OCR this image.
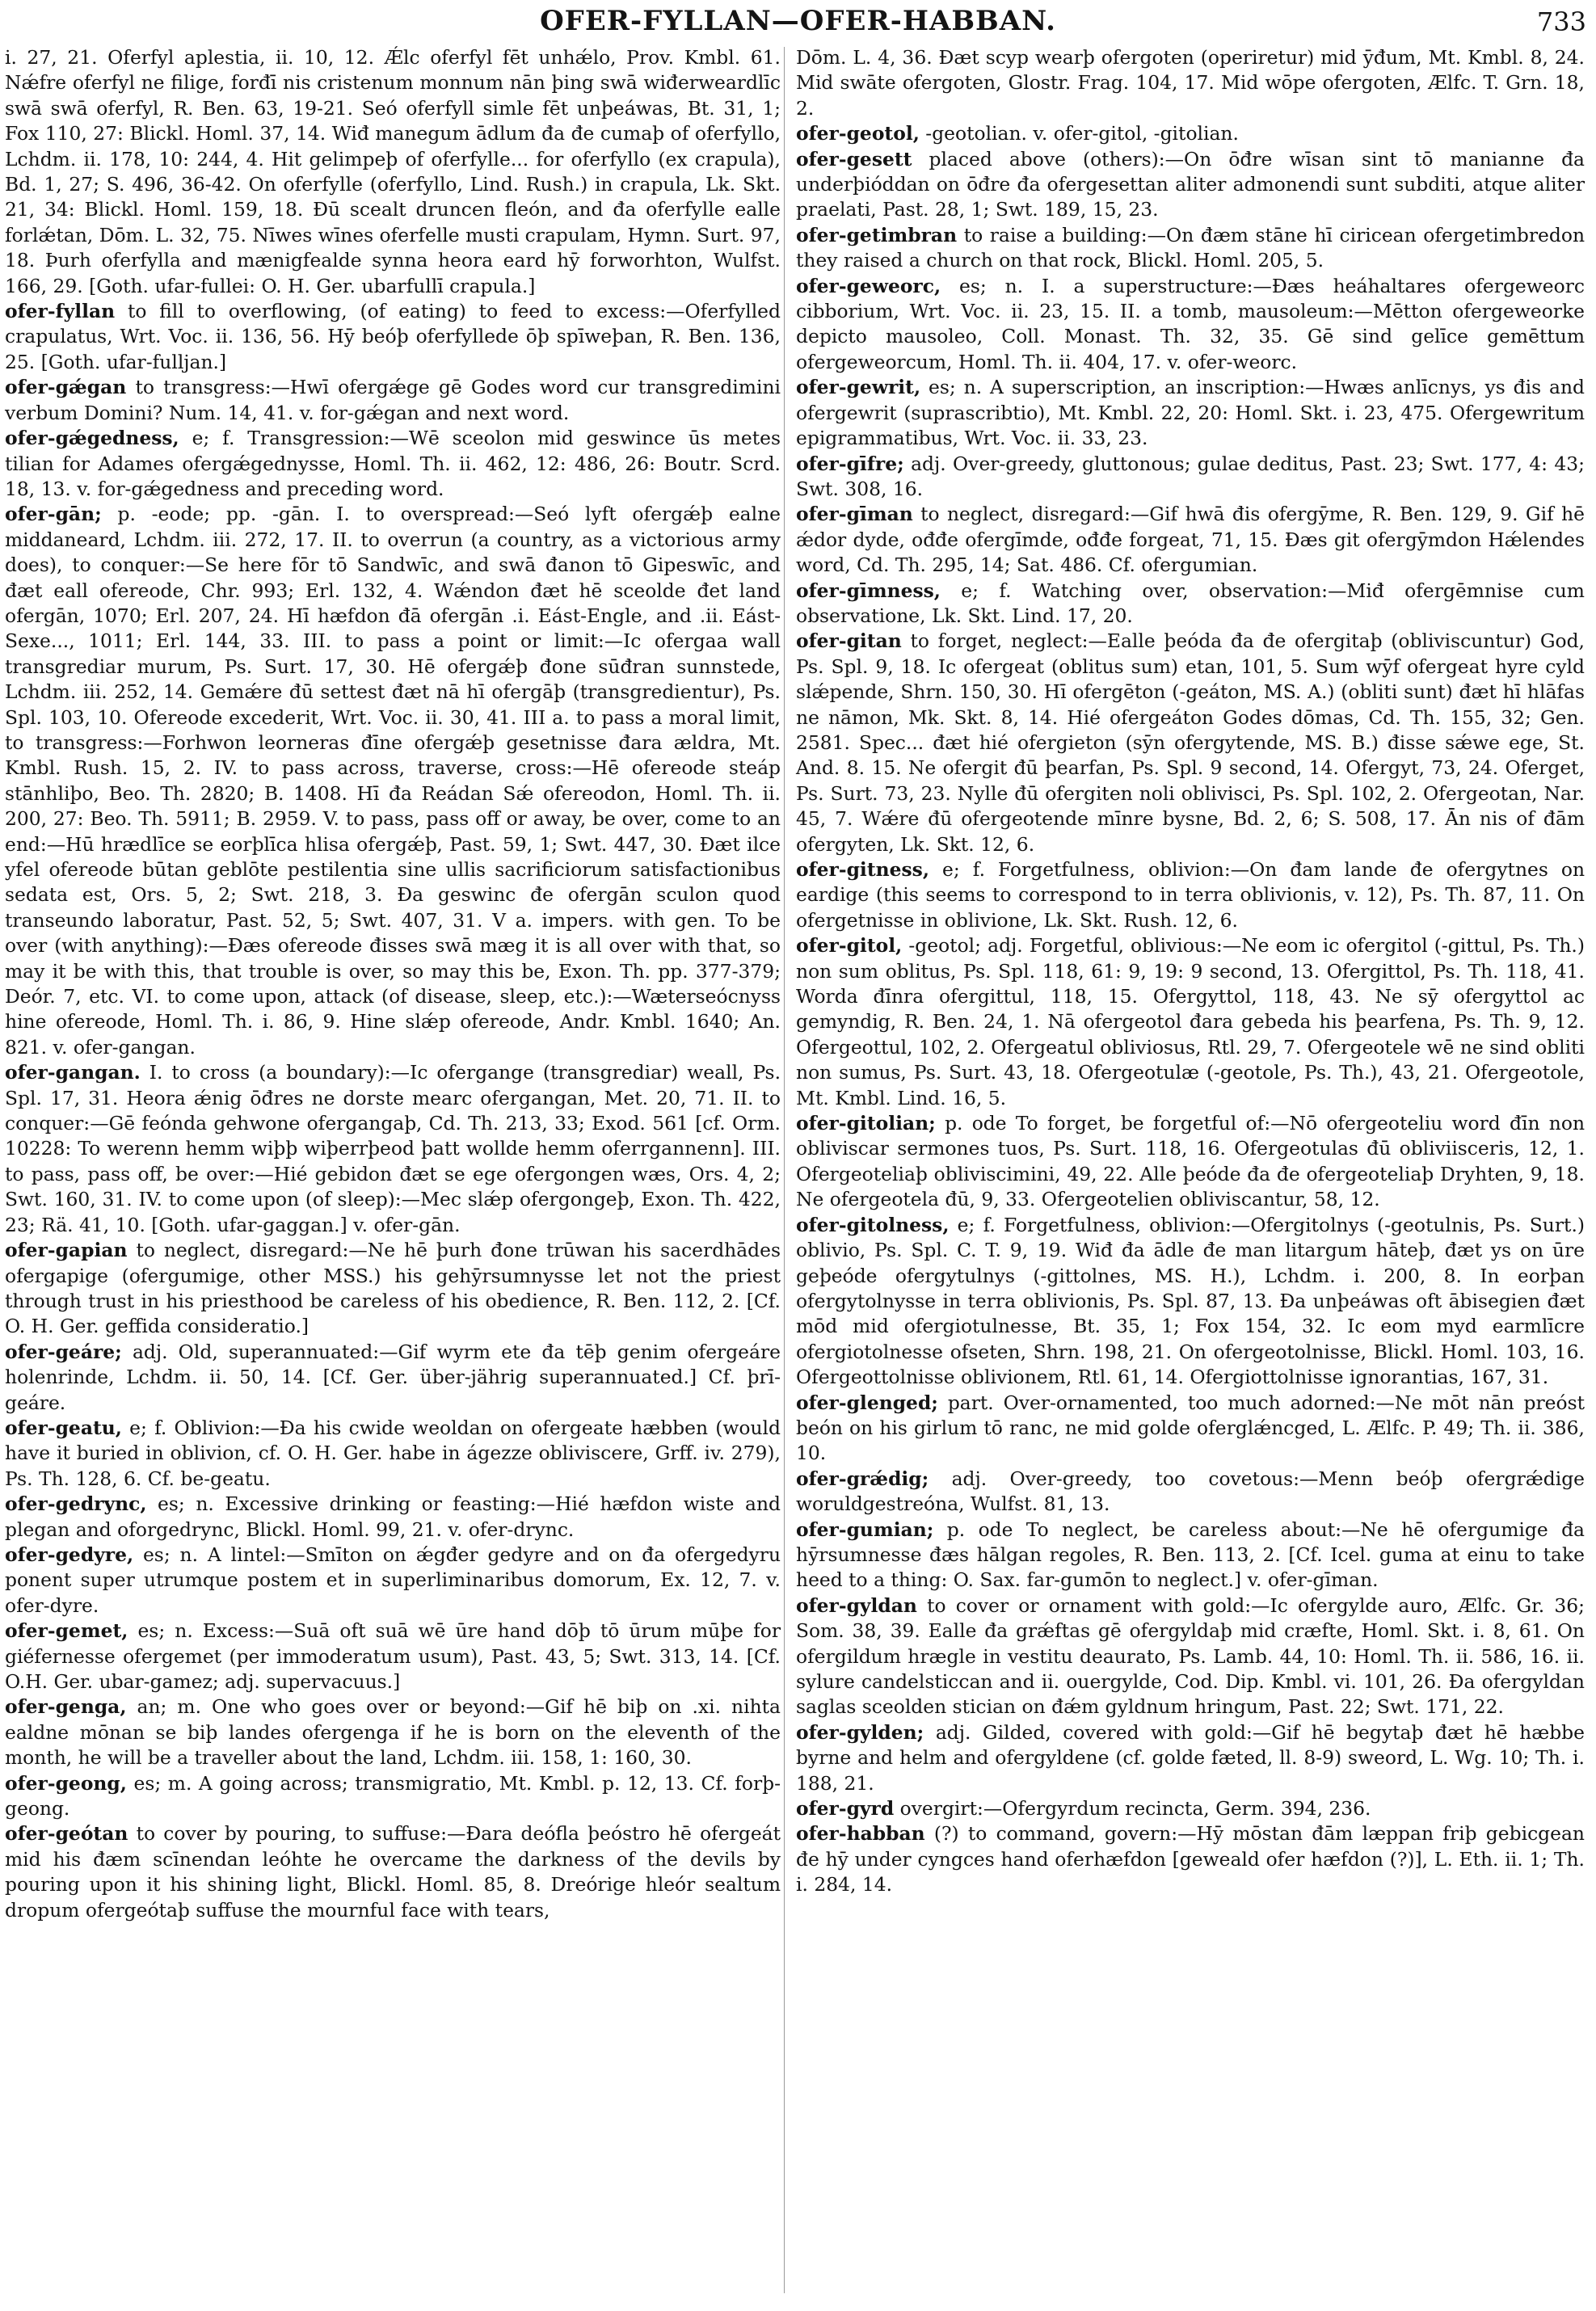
OFER-FYLLAN—OFER-HABBAN.	733

i. 27, 21. Oferfyl aplestia, ii. 10, 12. Ǽlc oferfyl fēt unhǽlo, Prov. Kmbl. 61. Nǽfre oferfyl ne filige, forđī nis cristenum monnum nān þing swā wiđerweardlīc swā swā oferfyl, R. Ben. 63, 19-21. Seó oferfyll simle fēt unþeáwas, Bt. 31, 1; Fox 110, 27: Blickl. Homl. 37, 14. Wiđ manegum ādlum đa đe cumaþ of oferfyllo, Lchdm. ii. 178, 10: 244, 4. Hit gelimpeþ of oferfylle... for oferfyllo (ex crapula), Bd. 1, 27; S. 496, 36-42. On oferfylle (oferfyllo, Lind. Rush.) in crapula, Lk. Skt. 21, 34: Blickl. Homl. 159, 18. Đū scealt druncen fleón, and đa oferfylle ealle forlǽtan, Dōm. L. 32, 75. Nīwes wīnes oferfelle musti crapulam, Hymn. Surt. 97, 18. Þurh oferfylla and mænigfealde synna heora eard hȳ forworhton, Wulfst. 166, 29. [Goth. ufar-fullei: O. H. Ger. ubarfullī crapula.]

ofer-fyllan to fill to overflowing, (of eating) to feed to excess:—Oferfylled crapulatus, Wrt. Voc. ii. 136, 56. Hȳ beóþ oferfyllede ōþ spīweþan, R. Ben. 136, 25. [Goth. ufar-fulljan.]

ofer-gǽgan to transgress:—Hwī ofergǽge gē Godes word cur transgredimini verbum Domini? Num. 14, 41. v. for-gǽgan and next word.

ofer-gǽgedness, e; f. Transgression:—Wē sceolon mid geswince ūs metes tilian for Adames ofergǽgednysse, Homl. Th. ii. 462, 12: 486, 26: Boutr. Scrd. 18, 13. v. for-gǽgedness and preceding word.

ofer-gān; p. -eode; pp. -gān. I. to overspread:—Seó lyft ofergǽþ ealne middaneard, Lchdm. iii. 272, 17. II. to overrun (a country, as a victorious army does), to conquer:—Se here fōr tō Sandwīc, and swā đanon tō Gipeswīc, and đæt eall ofereode, Chr. 993; Erl. 132, 4. Wǽndon đæt hē sceolde đet land ofergān, 1070; Erl. 207, 24. Hī hæfdon đā ofergān .i. Eást-Engle, and .ii. Eást-Sexe..., 1011; Erl. 144, 33. III. to pass a point or limit:—Ic ofergaa wall transgrediar murum, Ps. Surt. 17, 30. Hē ofergǽþ đone sūđran sunnstede, Lchdm. iii. 252, 14. Gemǽre đū settest đæt nā hī ofergāþ (transgredientur), Ps. Spl. 103, 10. Ofereode excederit, Wrt. Voc. ii. 30, 41. III a. to pass a moral limit, to transgress:—Forhwon leorneras đīne ofergǽþ gesetnisse đara ældra, Mt. Kmbl. Rush. 15, 2. IV. to pass across, traverse, cross:—Hē ofereode steáp stānhliþo, Beo. Th. 2820; B. 1408. Hī đa Reádan Sǽ ofereodon, Homl. Th. ii. 200, 27: Beo. Th. 5911; B. 2959. V. to pass, pass off or away, be over, come to an end:—Hū hrædlīce se eorþlīca hlisa ofergǽþ, Past. 59, 1; Swt. 447, 30. Đæt ilce yfel ofereode būtan geblōte pestilentia sine ullis sacrificiorum satisfactionibus sedata est, Ors. 5, 2; Swt. 218, 3. Đa geswinc đe ofergān sculon quod transeundo laboratur, Past. 52, 5; Swt. 407, 31. V a. impers. with gen. To be over (with anything):—Đæs ofereode đisses swā mæg it is all over with that, so may it be with this, that trouble is over, so may this be, Exon. Th. pp. 377-379; Deór. 7, etc. VI. to come upon, attack (of disease, sleep, etc.):—Wæterseócnyss hine ofereode, Homl. Th. i. 86, 9. Hine slǽp ofereode, Andr. Kmbl. 1640; An. 821. v. ofer-gangan.

ofer-gangan. I. to cross (a boundary):—Ic ofergange (transgrediar) weall, Ps. Spl. 17, 31. Heora ǽnig ōđres ne dorste mearc ofergangan, Met. 20, 71. II. to conquer:—Gē feónda gehwone ofergangaþ, Cd. Th. 213, 33; Exod. 561 [cf. Orm. 10228: To werenn hemm wiþþ wiþerrþeod þatt wollde hemm oferrgannenn]. III. to pass, pass off, be over:—Hié gebidon đæt se ege ofergongen wæs, Ors. 4, 2; Swt. 160, 31. IV. to come upon (of sleep):—Mec slǽp ofergongeþ, Exon. Th. 422, 23; Rä. 41, 10. [Goth. ufar-gaggan.] v. ofer-gān.

ofer-gapian to neglect, disregard:—Ne hē þurh đone trūwan his sacerdhādes ofergapige (ofergumige, other MSS.) his gehȳrsumnysse let not the priest through trust in his priesthood be careless of his obedience, R. Ben. 112, 2. [Cf. O. H. Ger. geffida consideratio.]

ofer-geáre; adj. Old, superannuated:—Gif wyrm ete đa tēþ genim ofergeáre holenrinde, Lchdm. ii. 50, 14. [Cf. Ger. über-jährig superannuated.] Cf. þrī-geáre.

ofer-geatu, e; f. Oblivion:—Đa his cwide weoldan on ofergeate hæbben (would have it buried in oblivion, cf. O. H. Ger. habe in ágezze obliviscere, Grff. iv. 279), Ps. Th. 128, 6. Cf. be-geatu.

ofer-gedrync, es; n. Excessive drinking or feasting:—Hié hæfdon wiste and plegan and oforgedrync, Blickl. Homl. 99, 21. v. ofer-drync.

ofer-gedyre, es; n. A lintel:—Smīton on ǽgđer gedyre and on đa ofergedyru ponent super utrumque postem et in superliminaribus domorum, Ex. 12, 7. v. ofer-dyre.

ofer-gemet, es; n. Excess:—Suā oft suā wē ūre hand dōþ tō ūrum mūþe for giéfernesse ofergemet (per immoderatum usum), Past. 43, 5; Swt. 313, 14. [Cf. O.H. Ger. ubar-gamez; adj. supervacuus.]

ofer-genga, an; m. One who goes over or beyond:—Gif hē biþ on .xi. nihta ealdne mōnan se biþ landes ofergenga if he is born on the eleventh of the month, he will be a traveller about the land, Lchdm. iii. 158, 1: 160, 30.

ofer-geong, es; m. A going across; transmigratio, Mt. Kmbl. p. 12, 13. Cf. forþ-geong.

ofer-geótan to cover by pouring, to suffuse:—Đara deófla þeóstro hē ofergeát mid his đæm scīnendan leóhte he overcame the darkness of the devils by pouring upon it his shining light, Blickl. Homl. 85, 8. Dreórige hleór sealtum dropum ofergeótaþ suffuse the mournful face with tears,

Dōm. L. 4, 36. Đæt scyp wearþ ofergoten (operiretur) mid ȳđum, Mt. Kmbl. 8, 24. Mid swāte ofergoten, Glostr. Frag. 104, 17. Mid wōpe ofergoten, Ælfc. T. Grn. 18, 2.

ofer-geotol, -geotolian. v. ofer-gitol, -gitolian.

ofer-gesett placed above (others):—On ōđre wīsan sint tō manianne đa underþióddan on ōđre đa ofergesettan aliter admonendi sunt subditi, atque aliter praelati, Past. 28, 1; Swt. 189, 15, 23.

ofer-getimbran to raise a building:—On đæm stāne hī ciricean ofergetimbredon they raised a church on that rock, Blickl. Homl. 205, 5.

ofer-geweorc, es; n. I. a superstructure:—Đæs heáhaltares ofergeweorc cibborium, Wrt. Voc. ii. 23, 15. II. a tomb, mausoleum:—Mētton ofergeweorke depicto mausoleo, Coll. Monast. Th. 32, 35. Gē sind gelīce gemēttum ofergeweorcum, Homl. Th. ii. 404, 17. v. ofer-weorc.

ofer-gewrit, es; n. A superscription, an inscription:—Hwæs anlīcnys, ys đis and ofergewrit (suprascribtio), Mt. Kmbl. 22, 20: Homl. Skt. i. 23, 475. Ofergewritum epigrammatibus, Wrt. Voc. ii. 33, 23.

ofer-gīfre; adj. Over-greedy, gluttonous; gulae deditus, Past. 23; Swt. 177, 4: 43; Swt. 308, 16.

ofer-gīman to neglect, disregard:—Gif hwā đis ofergȳme, R. Ben. 129, 9. Gif hē ǽdor dyde, ođđe ofergīmde, ođđe forgeat, 71, 15. Đæs git ofergȳmdon Hǽlendes word, Cd. Th. 295, 14; Sat. 486. Cf. ofergumian.

ofer-gīmness, e; f. Watching over, observation:—Miđ ofergēmnise cum observatione, Lk. Skt. Lind. 17, 20.

ofer-gitan to forget, neglect:—Ealle þeóda đa đe ofergitaþ (obliviscuntur) God, Ps. Spl. 9, 18. Ic ofergeat (oblitus sum) etan, 101, 5. Sum wȳf ofergeat hyre cyld slǽpende, Shrn. 150, 30. Hī ofergēton (-geáton, MS. A.) (obliti sunt) đæt hī hlāfas ne nāmon, Mk. Skt. 8, 14. Hié ofergeáton Godes dōmas, Cd. Th. 155, 32; Gen. 2581. Spec... đæt hié ofergieton (sȳn ofergytende, MS. B.) đisse sǽwe ege, St. And. 8. 15. Ne ofergit đū þearfan, Ps. Spl. 9 second, 14. Ofergyt, 73, 24. Oferget, Ps. Surt. 73, 23. Nylle đū ofergiten noli oblivisci, Ps. Spl. 102, 2. Ofergeotan, Nar. 45, 7. Wǽre đū ofergeotende mīnre bysne, Bd. 2, 6; S. 508, 17. Ān nis of đām ofergyten, Lk. Skt. 12, 6.

ofer-gitness, e; f. Forgetfulness, oblivion:—On đam lande đe ofergytnes on eardige (this seems to correspond to in terra oblivionis, v. 12), Ps. Th. 87, 11. On ofergetnisse in oblivione, Lk. Skt. Rush. 12, 6.

ofer-gitol, -geotol; adj. Forgetful, oblivious:—Ne eom ic ofergitol (-gittul, Ps. Th.) non sum oblitus, Ps. Spl. 118, 61: 9, 19: 9 second, 13. Ofergittol, Ps. Th. 118, 41. Worda đīnra ofergittul, 118, 15. Ofergyttol, 118, 43. Ne sȳ ofergyttol ac gemyndig, R. Ben. 24, 1. Nā ofergeotol đara gebeda his þearfena, Ps. Th. 9, 12. Ofergeottul, 102, 2. Ofergeatul obliviosus, Rtl. 29, 7. Ofergeotele wē ne sind obliti non sumus, Ps. Surt. 43, 18. Ofergeotulæ (-geotole, Ps. Th.), 43, 21. Ofergeotole, Mt. Kmbl. Lind. 16, 5.

ofer-gitolian; p. ode To forget, be forgetful of:—Nō ofergeoteliu word đīn non obliviscar sermones tuos, Ps. Surt. 118, 16. Ofergeotulas đū obliviisceris, 12, 1. Ofergeoteliaþ obliviscimini, 49, 22. Alle þeóde đa đe ofergeoteliaþ Dryhten, 9, 18. Ne ofergeotela đū, 9, 33. Ofergeotelien obliviscantur, 58, 12.

ofer-gitolness, e; f. Forgetfulness, oblivion:—Ofergitolnys (-geotulnis, Ps. Surt.) oblivio, Ps. Spl. C. T. 9, 19. Wiđ đa ādle đe man litargum hāteþ, đæt ys on ūre geþeóde ofergytulnys (-gittolnes, MS. H.), Lchdm. i. 200, 8. In eorþan ofergytolnysse in terra oblivionis, Ps. Spl. 87, 13. Đa unþeáwas oft ābisegien đæt mōd mid ofergiotulnesse, Bt. 35, 1; Fox 154, 32. Ic eom myd earmlīcre ofergiotolnesse ofseten, Shrn. 198, 21. On ofergeotolnisse, Blickl. Homl. 103, 16. Ofergeottolnisse oblivionem, Rtl. 61, 14. Ofergiottolnisse ignorantias, 167, 31.

ofer-glenged; part. Over-ornamented, too much adorned:—Ne mōt nān preóst beón on his girlum tō ranc, ne mid golde oferglǽncged, L. Ælfc. P. 49; Th. ii. 386, 10.

ofer-grǽdig; adj. Over-greedy, too covetous:—Menn beóþ ofergrǽdige woruldgestreóna, Wulfst. 81, 13.

ofer-gumian; p. ode To neglect, be careless about:—Ne hē ofergumige đa hȳrsumnesse đæs hālgan regoles, R. Ben. 113, 2. [Cf. Icel. guma at einu to take heed to a thing: O. Sax. far-gumōn to neglect.] v. ofer-gīman.

ofer-gyldan to cover or ornament with gold:—Ic ofergylde auro, Ælfc. Gr. 36; Som. 38, 39. Ealle đa grǽftas gē ofergyldaþ mid cræfte, Homl. Skt. i. 8, 61. On ofergildum hrægle in vestitu deaurato, Ps. Lamb. 44, 10: Homl. Th. ii. 586, 16. ii. sylure candelsticcan and ii. ouergylde, Cod. Dip. Kmbl. vi. 101, 26. Đa ofergyldan saglas sceolden stician on đǽm gyldnum hringum, Past. 22; Swt. 171, 22.

ofer-gylden; adj. Gilded, covered with gold:—Gif hē begytaþ đæt hē hæbbe byrne and helm and ofergyldene (cf. golde fæted, ll. 8-9) sweord, L. Wg. 10; Th. i. 188, 21.

ofer-gyrd overgirt:—Ofergyrdum recincta, Germ. 394, 236.

ofer-habban (?) to command, govern:—Hȳ mōstan đām læppan friþ gebicgean đe hȳ under cyngces hand oferhæfdon [geweald ofer hæfdon (?)], L. Eth. ii. 1; Th. i. 284, 14.
